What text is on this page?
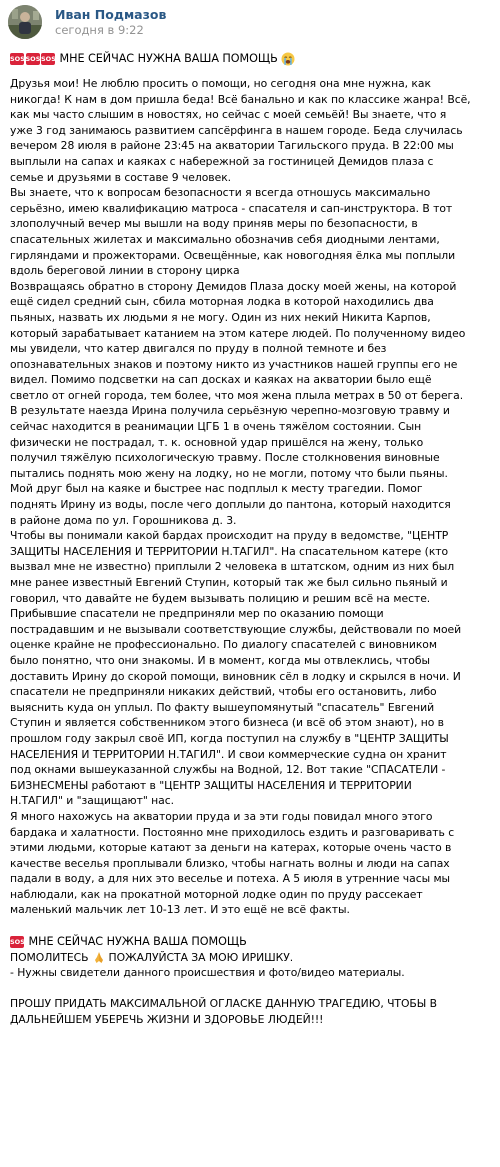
Иван Подмазов
сегодня в 9:22
SOS SOS SOS МНЕ СЕЙЧАС НУЖНА ВАША ПОМОЩЬ
Друзья мои! Не люблю просить о помощи, но сегодня она мне нужна, как
никогда! К нам в дом пришла беда! Всё банально и как по классике жанра! Всё,
как мы часто слышим в новостях, но сейчас с моей семьёй! Вы знаете, что я
уже 3 год занимаюсь развитием сапсёрфинга в нашем городе. Беда случилась
вечером 28 июля в районе 23:45 на акватории Тагильского пруда. В 22:00 мы
выплыли на сапах и каяках с набережной за гостиницей Демидов плаза с
семье и друзьями в составе 9 человек.
Вы знаете, что к вопросам безопасности я всегда отношусь максимально
серьёзно, имею квалификацию матроса - спасателя и сап-инструктора. В тот
злополучный вечер мы вышли на воду приняв меры по безопасности, в
спасательных жилетах и максимально обозначив себя диодными лентами,
гирляндами и прожекторами. Освещённые, как новогодняя ёлка мы поплыли
вдоль береговой линии в сторону цирка
Возвращаясь обратно в сторону Демидов Плаза доску моей жены, на которой
ещё сидел средний сын, сбила моторная лодка в которой находились два
пьяных, назвать их людьми я не могу. Один из них некий Никита Карпов,
который зарабатывает катанием на этом катере людей. По полученному видео
мы увидели, что катер двигался по пруду в полной темноте и без
опознавательных знаков и поэтому никто из участников нашей группы его не
видел. Помимо подсветки на сап досках и каяках на акватории было ещё
светло от огней города, тем более, что моя жена плыла метрах в 50 от берега.
В результате наезда Ирина получила серьёзную черепно-мозговую травму и
сейчас находится в реанимации ЦГБ 1 в очень тяжёлом состоянии. Сын
физически не пострадал, т. к. основной удар пришёлся на жену, только
получил тяжёлую психологическую травму. После столкновения виновные
пытались поднять мою жену на лодку, но не могли, потому что были пьяны.
Мой друг был на каяке и быстрее нас подплыл к месту трагедии. Помог
поднять Ирину из воды, после чего доплыли до пантона, который находится
в районе дома по ул. Горошникова д. 3.
Чтобы вы понимали какой бардах происходит на пруду в ведомстве, "ЦЕНТР
ЗАЩИТЫ НАСЕЛЕНИЯ И ТЕРРИТОРИИ Н.ТАГИЛ". На спасательном катере (кто
вызвал мне не известно) приплыли 2 человека в штатском, одним из них был
мне ранее известный Евгений Ступин, который так же был сильно пьяный и
говорил, что давайте не будем вызывать полицию и решим всё на месте.
Прибывшие спасатели не предприняли мер по оказанию помощи
пострадавшим и не вызывали соответствующие службы, действовали по моей
оценке крайне не профессионально. По диалогу спасателей с виновником
было понятно, что они знакомы. И в момент, когда мы отвлеклись, чтобы
доставить Ирину до скорой помощи, виновник сёл в лодку и скрылся в ночи. И
спасатели не предприняли никаких действий, чтобы его остановить, либо
выяснить куда он уплыл. По факту вышеупомянутый "спасатель" Евгений
Ступин и является собственником этого бизнеса (и всё об этом знают), но в
прошлом году закрыл своё ИП, когда поступил на службу в "ЦЕНТР ЗАЩИТЫ
НАСЕЛЕНИЯ И ТЕРРИТОРИИ Н.ТАГИЛ". И свои коммерческие судна он хранит
под окнами вышеуказанной службы на Водной, 12. Вот такие "СПАСАТЕЛИ -
БИЗНЕСМЕНЫ работают в "ЦЕНТР ЗАЩИТЫ НАСЕЛЕНИЯ И ТЕРРИТОРИИ
Н.ТАГИЛ" и "защищают" нас.
Я много нахожусь на акватории пруда и за эти годы повидал много этого
бардака и халатности. Постоянно мне приходилось ездить и разговаривать с
этими людьми, которые катают за деньги на катерах, которые очень часто в
качестве веселья проплывали близко, чтобы нагнать волны и люди на сапах
падали в воду, а для них это веселье и потеха. А 5 июля в утренние часы мы
наблюдали, как на прокатной моторной лодке один по пруду рассекает
маленький мальчик лет 10-13 лет. И это ещё не всё факты.
SOS МНЕ СЕЙЧАС НУЖНА ВАША ПОМОЩЬ
ПОМОЛИТЕСЬ ПОЖАЛУЙСТА ЗА МОЮ ИРИШКУ.
- Нужны свидетели данного происшествия и фото/видео материалы.
ПРОШУ ПРИДАТЬ МАКСИМАЛЬНОЙ ОГЛАСКЕ ДАННУЮ ТРАГЕДИЮ, ЧТОБЫ В
ДАЛЬНЕЙШЕМ УБЕРЕЧЬ ЖИЗНИ И ЗДОРОВЬЕ ЛЮДЕЙ!!!
